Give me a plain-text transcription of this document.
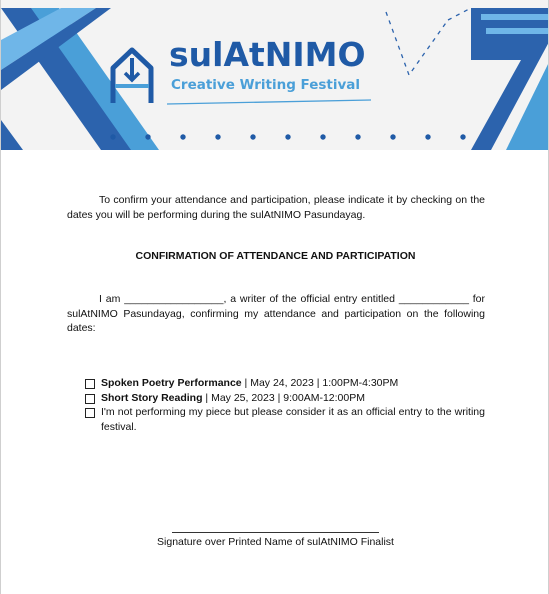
sulAtNIMO
Creative Writing Festival
To confirm your attendance and participation, please indicate it by checking on the dates you will be performing during the sulAtNIMO Pasundayag.
CONFIRMATION OF ATTENDANCE AND PARTICIPATION
I am _________________, a writer of the official entry entitled ____________ for sulAtNIMO Pasundayag, confirming my attendance and participation on the following dates:
Spoken Poetry Performance | May 24, 2023 | 1:00PM-4:30PM
Short Story Reading | May 25, 2023 | 9:00AM-12:00PM
I'm not performing my piece but please consider it as an official entry to the writing festival.
Signature over Printed Name of sulAtNIMO Finalist
